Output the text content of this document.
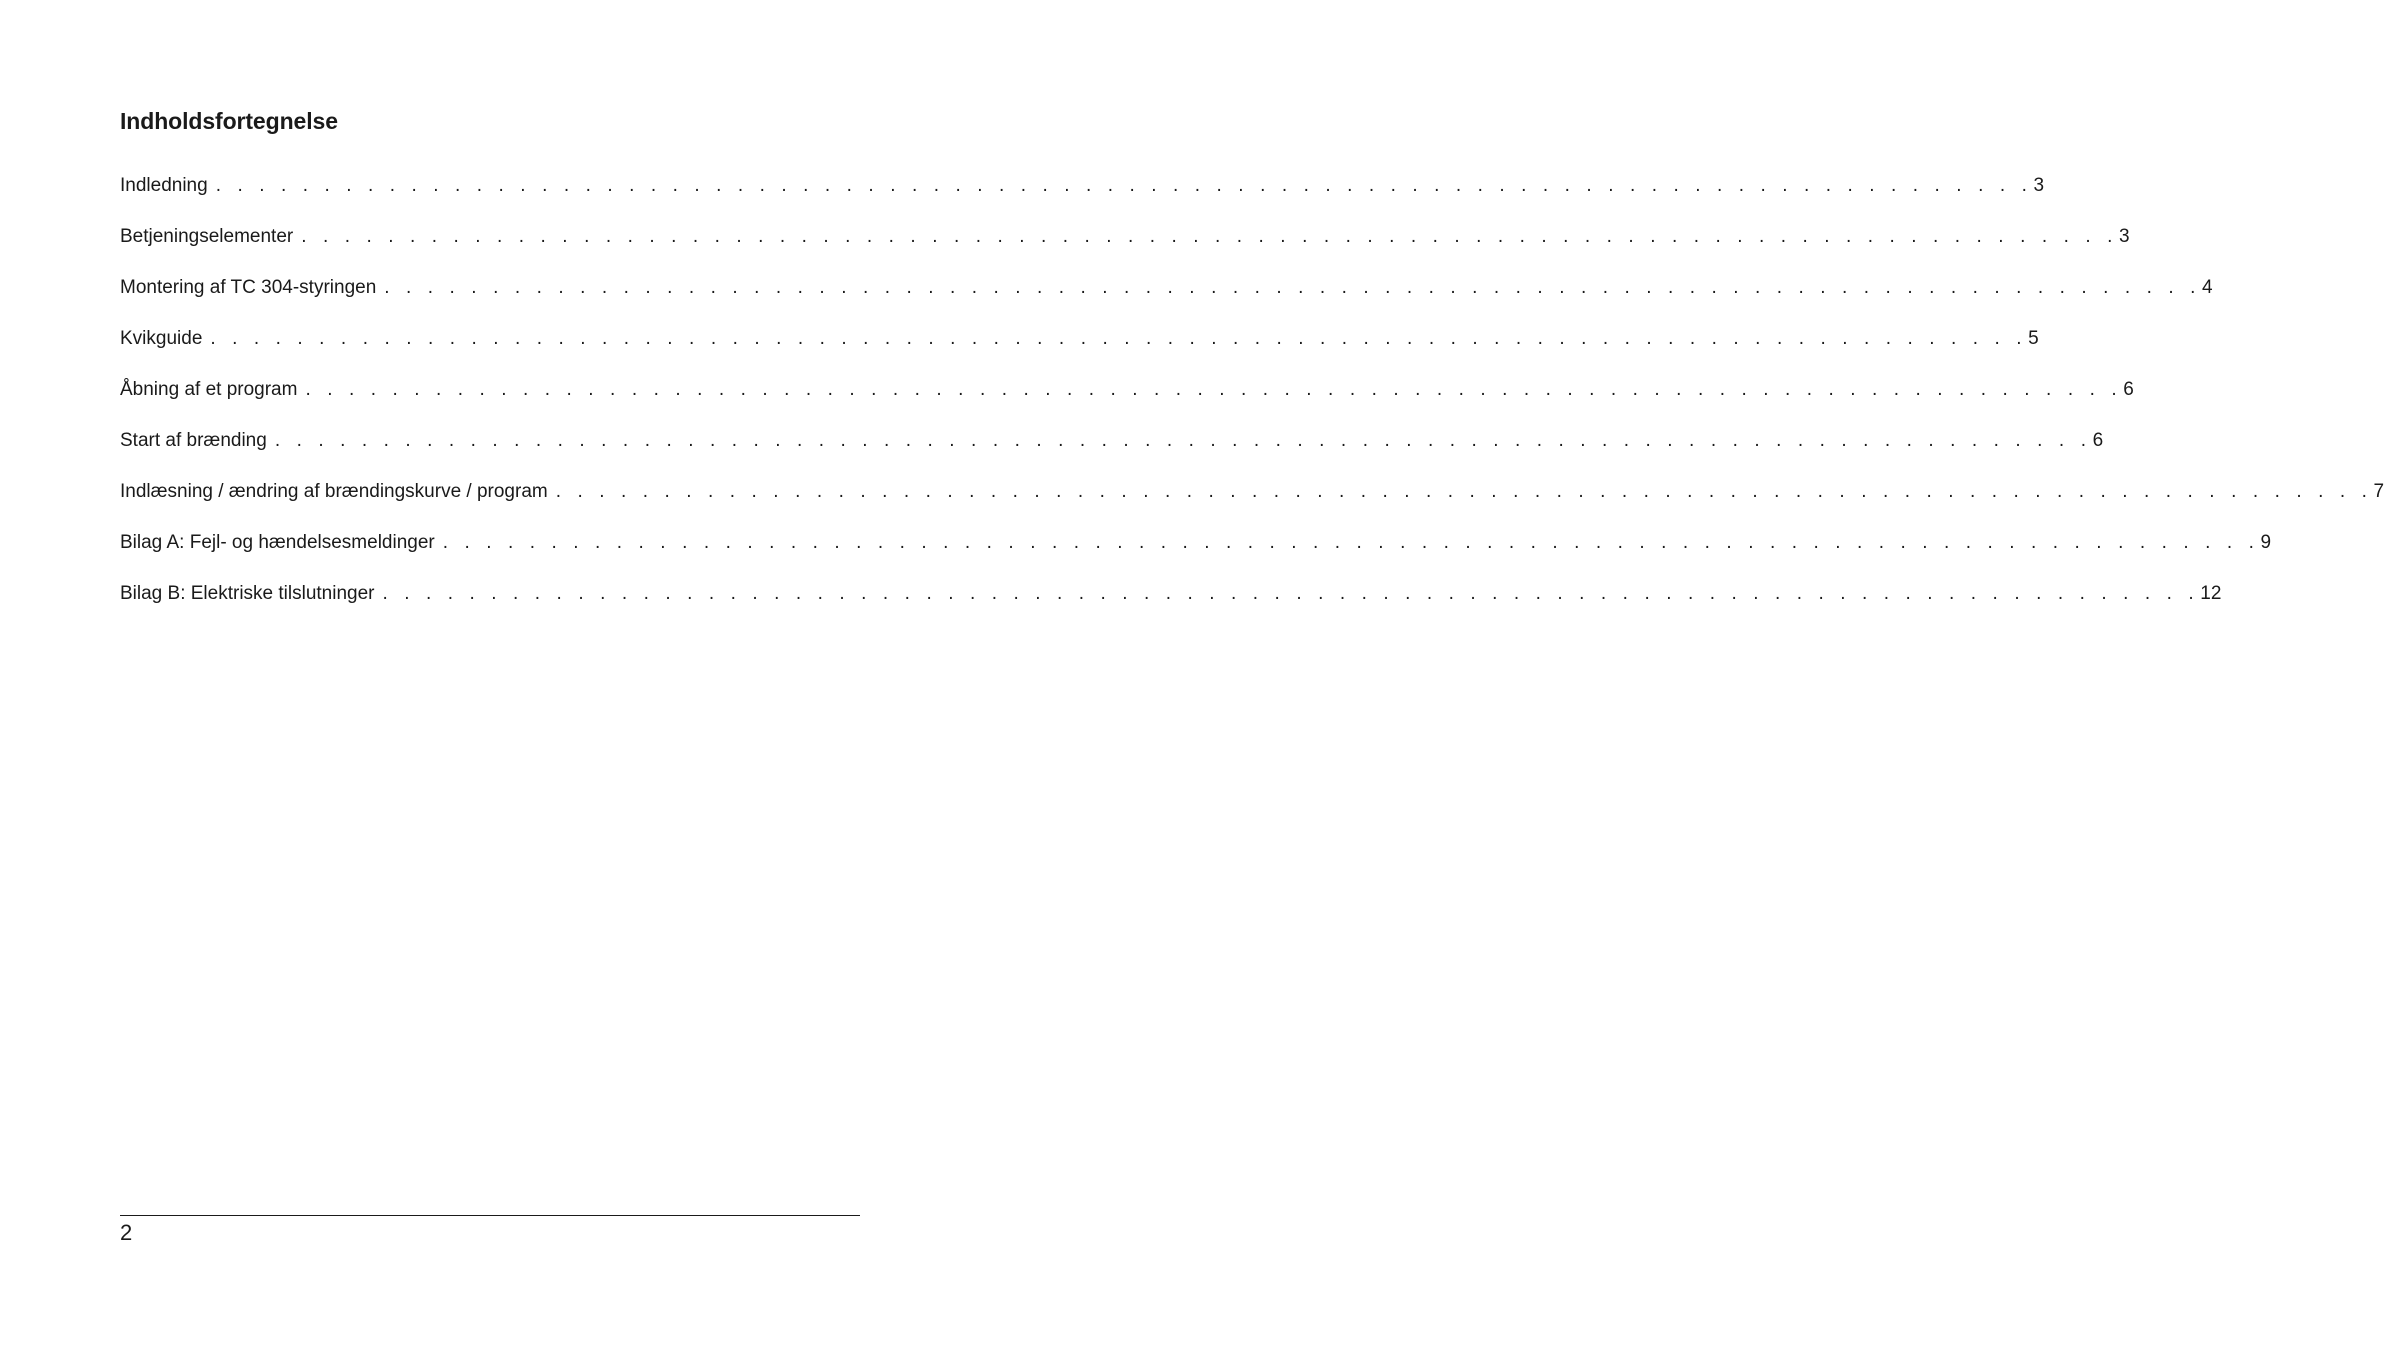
Indholdsfortegnelse
Indledning . . . . . . . . . . . . . . . . . . . . . . . . . . . . . . . . . . . . . . . . . . . . . . . . . . . . . . . . . . . . . . . . . . . . . . . . . . . . . . . . . . . . 3
Betjeningselementer . . . . . . . . . . . . . . . . . . . . . . . . . . . . . . . . . . . . . . . . . . . . . . . . . . . . . . . . . . . . . . . . . . . . . . . . . . . . . . . . . . . . 3
Montering af TC 304-styringen . . . . . . . . . . . . . . . . . . . . . . . . . . . . . . . . . . . . . . . . . . . . . . . . . . . . . . . . . . . . . . . . . . . . . . . . . . . . . . . . . . . . 4
Kvikguide . . . . . . . . . . . . . . . . . . . . . . . . . . . . . . . . . . . . . . . . . . . . . . . . . . . . . . . . . . . . . . . . . . . . . . . . . . . . . . . . . . . . 5
Åbning af et program . . . . . . . . . . . . . . . . . . . . . . . . . . . . . . . . . . . . . . . . . . . . . . . . . . . . . . . . . . . . . . . . . . . . . . . . . . . . . . . . . . . . 6
Start af brænding . . . . . . . . . . . . . . . . . . . . . . . . . . . . . . . . . . . . . . . . . . . . . . . . . . . . . . . . . . . . . . . . . . . . . . . . . . . . . . . . . . . . 6
Indlæsning / ændring af brændingskurve / program . . . . . . . . . . . . . . . . . . . . . . . . . . . . . . . . . . . . . . . . . . . . . . . . . . . . . . . . . . . . . . . . . . . . . . . . . . . . . . . . . . . . 7
Bilag A: Fejl- og hændelsesmeldinger . . . . . . . . . . . . . . . . . . . . . . . . . . . . . . . . . . . . . . . . . . . . . . . . . . . . . . . . . . . . . . . . . . . . . . . . . . . . . . . . . . . . 9
Bilag B: Elektriske tilslutninger . . . . . . . . . . . . . . . . . . . . . . . . . . . . . . . . . . . . . . . . . . . . . . . . . . . . . . . . . . . . . . . . . . . . . . . . . . . . . . . . . . . . 12
2
